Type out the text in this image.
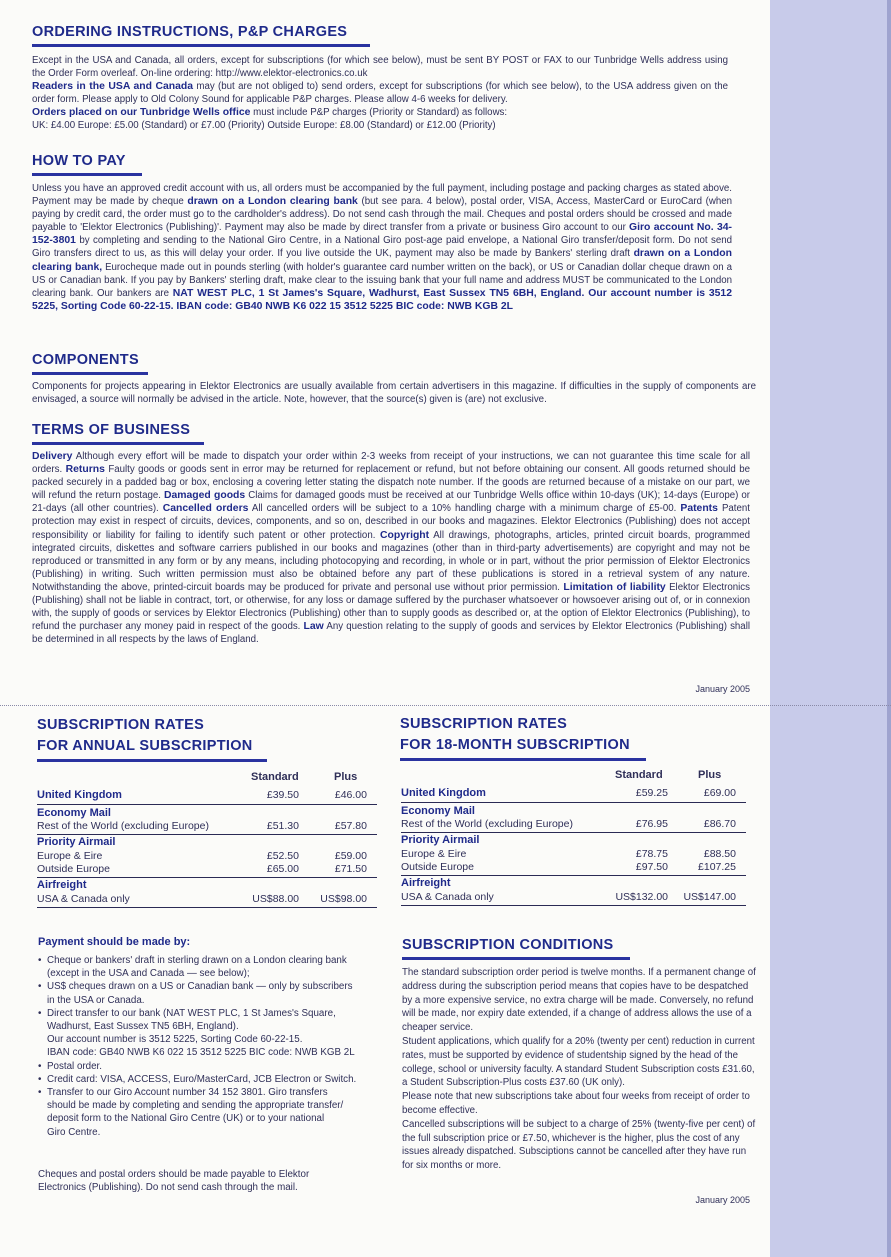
ORDERING INSTRUCTIONS, P&P CHARGES
Except in the USA and Canada, all orders, except for subscriptions (for which see below), must be sent BY POST or FAX to our Tunbridge Wells address using the Order Form overleaf. On-line ordering: http://www.elektor-electronics.co.uk
Readers in the USA and Canada may (but are not obliged to) send orders, except for subscriptions (for which see below), to the USA address given on the order form. Please apply to Old Colony Sound for applicable P&P charges. Please allow 4-6 weeks for delivery.
Orders placed on our Tunbridge Wells office must include P&P charges (Priority or Standard) as follows:
UK: £4.00 Europe: £5.00 (Standard) or £7.00 (Priority) Outside Europe: £8.00 (Standard) or £12.00 (Priority)
HOW TO PAY
Unless you have an approved credit account with us, all orders must be accompanied by the full payment, including postage and packing charges as stated above. Payment may be made by cheque drawn on a London clearing bank (but see para. 4 below), postal order, VISA, Access, MasterCard or EuroCard (when paying by credit card, the order must go to the cardholder's address). Do not send cash through the mail. Cheques and postal orders should be crossed and made payable to 'Elektor Electronics (Publishing)'. Payment may also be made by direct transfer from a private or business Giro account to our Giro account No. 34-152-3801 by completing and sending to the National Giro Centre, in a National Giro post-age paid envelope, a National Giro transfer/deposit form. Do not send Giro transfers direct to us, as this will delay your order. If you live outside the UK, payment may also be made by Bankers' sterling draft drawn on a London clearing bank, Eurocheque made out in pounds sterling (with holder's guarantee card number written on the back), or US or Canadian dollar cheque drawn on a US or Canadian bank. If you pay by Bankers' sterling draft, make clear to the issuing bank that your full name and address MUST be communicated to the London clearing bank. Our bankers are NAT WEST PLC, 1 St James's Square, Wadhurst, East Sussex TN5 6BH, England. Our account number is 3512 5225, Sorting Code 60-22-15. IBAN code: GB40 NWB K6 022 15 3512 5225 BIC code: NWB KGB 2L
COMPONENTS
Components for projects appearing in Elektor Electronics are usually available from certain advertisers in this magazine. If difficulties in the supply of components are envisaged, a source will normally be advised in the article. Note, however, that the source(s) given is (are) not exclusive.
TERMS OF BUSINESS
Delivery Although every effort will be made to dispatch your order within 2-3 weeks from receipt of your instructions, we can not guarantee this time scale for all orders. Returns Faulty goods or goods sent in error may be returned for replacement or refund, but not before obtaining our consent. All goods returned should be packed securely in a padded bag or box, enclosing a covering letter stating the dispatch note number. If the goods are returned because of a mistake on our part, we will refund the return postage. Damaged goods Claims for damaged goods must be received at our Tunbridge Wells office within 10-days (UK); 14-days (Europe) or 21-days (all other countries). Cancelled orders All cancelled orders will be subject to a 10% handling charge with a minimum charge of £5-00. Patents Patent protection may exist in respect of circuits, devices, components, and so on, described in our books and magazines. Elektor Electronics (Publishing) does not accept responsibility or liability for failing to identify such patent or other protection. Copyright All drawings, photographs, articles, printed circuit boards, programmed integrated circuits, diskettes and software carriers published in our books and magazines (other than in third-party advertisements) are copyright and may not be reproduced or transmitted in any form or by any means, including photocopying and recording, in whole or in part, without the prior permission of Elektor Electronics (Publishing) in writing. Such written permission must also be obtained before any part of these publications is stored in a retrieval system of any nature. Notwithstanding the above, printed-circuit boards may be produced for private and personal use without prior permission. Limitation of liability Elektor Electronics (Publishing) shall not be liable in contract, tort, or otherwise, for any loss or damage suffered by the purchaser whatsoever or howsoever arising out of, or in connexion with, the supply of goods or services by Elektor Electronics (Publishing) other than to supply goods as described or, at the option of Elektor Electronics (Publishing), to refund the purchaser any money paid in respect of the goods. Law Any question relating to the supply of goods and services by Elektor Electronics (Publishing) shall be determined in all respects by the laws of England.
January 2005
SUBSCRIPTION RATES
FOR ANNUAL SUBSCRIPTION
Standard	Plus
United Kingdom	£39.50	£46.00
Economy Mail
Rest of the World (excluding Europe)	£51.30	£57.80
Priority Airmail
Europe & Eire	£52.50	£59.00
Outside Europe	£65.00	£71.50
Airfreight
USA & Canada only	US$88.00 US$98.00
SUBSCRIPTION RATES
FOR 18-MONTH SUBSCRIPTION
Standard	Plus
United Kingdom	£59.25	£69.00
Economy Mail
Rest of the World (excluding Europe)	£76.95	£86.70
Priority Airmail
Europe & Eire	£78.75	£88.50
Outside Europe	£97.50	£107.25
Airfreight
USA & Canada only	US$132.00 US$147.00
Payment should be made by:
• Cheque or bankers' draft in sterling drawn on a London clearing bank
(except in the USA and Canada — see below);
• US$ cheques drawn on a US or Canadian bank — only by subscribers
in the USA or Canada.
• Direct transfer to our bank (NAT WEST PLC, 1 St James's Square,
Wadhurst, East Sussex TN5 6BH, England).
Our account number is 3512 5225, Sorting Code 60-22-15.
IBAN code: GB40 NWB K6 022 15 3512 5225 BIC code: NWB KGB 2L
• Postal order.
• Credit card: VISA, ACCESS, Euro/MasterCard, JCB Electron or Switch.
• Transfer to our Giro Account number 34 152 3801. Giro transfers
should be made by completing and sending the appropriate transfer/
deposit form to the National Giro Centre (UK) or to your national
Giro Centre.
Cheques and postal orders should be made payable to Elektor
Electronics (Publishing). Do not send cash through the mail.
SUBSCRIPTION CONDITIONS
The standard subscription order period is twelve months. If a permanent change of address during the subscription period means that copies have to be despatched by a more expensive service, no extra charge will be made. Conversely, no refund will be made, nor expiry date extended, if a change of address allows the use of a cheaper service.
Student applications, which qualify for a 20% (twenty per cent) reduction in current rates, must be supported by evidence of studentship signed by the head of the college, school or university faculty. A standard Student Subscription costs £31.60, a Student Subscription-Plus costs £37.60 (UK only).
Please note that new subscriptions take about four weeks from receipt of order to become effective.
Cancelled subscriptions will be subject to a charge of 25% (twenty-five per cent) of the full subscription price or £7.50, whichever is the higher, plus the cost of any issues already dispatched. Subsciptions cannot be cancelled after they have run for six months or more.
January 2005
